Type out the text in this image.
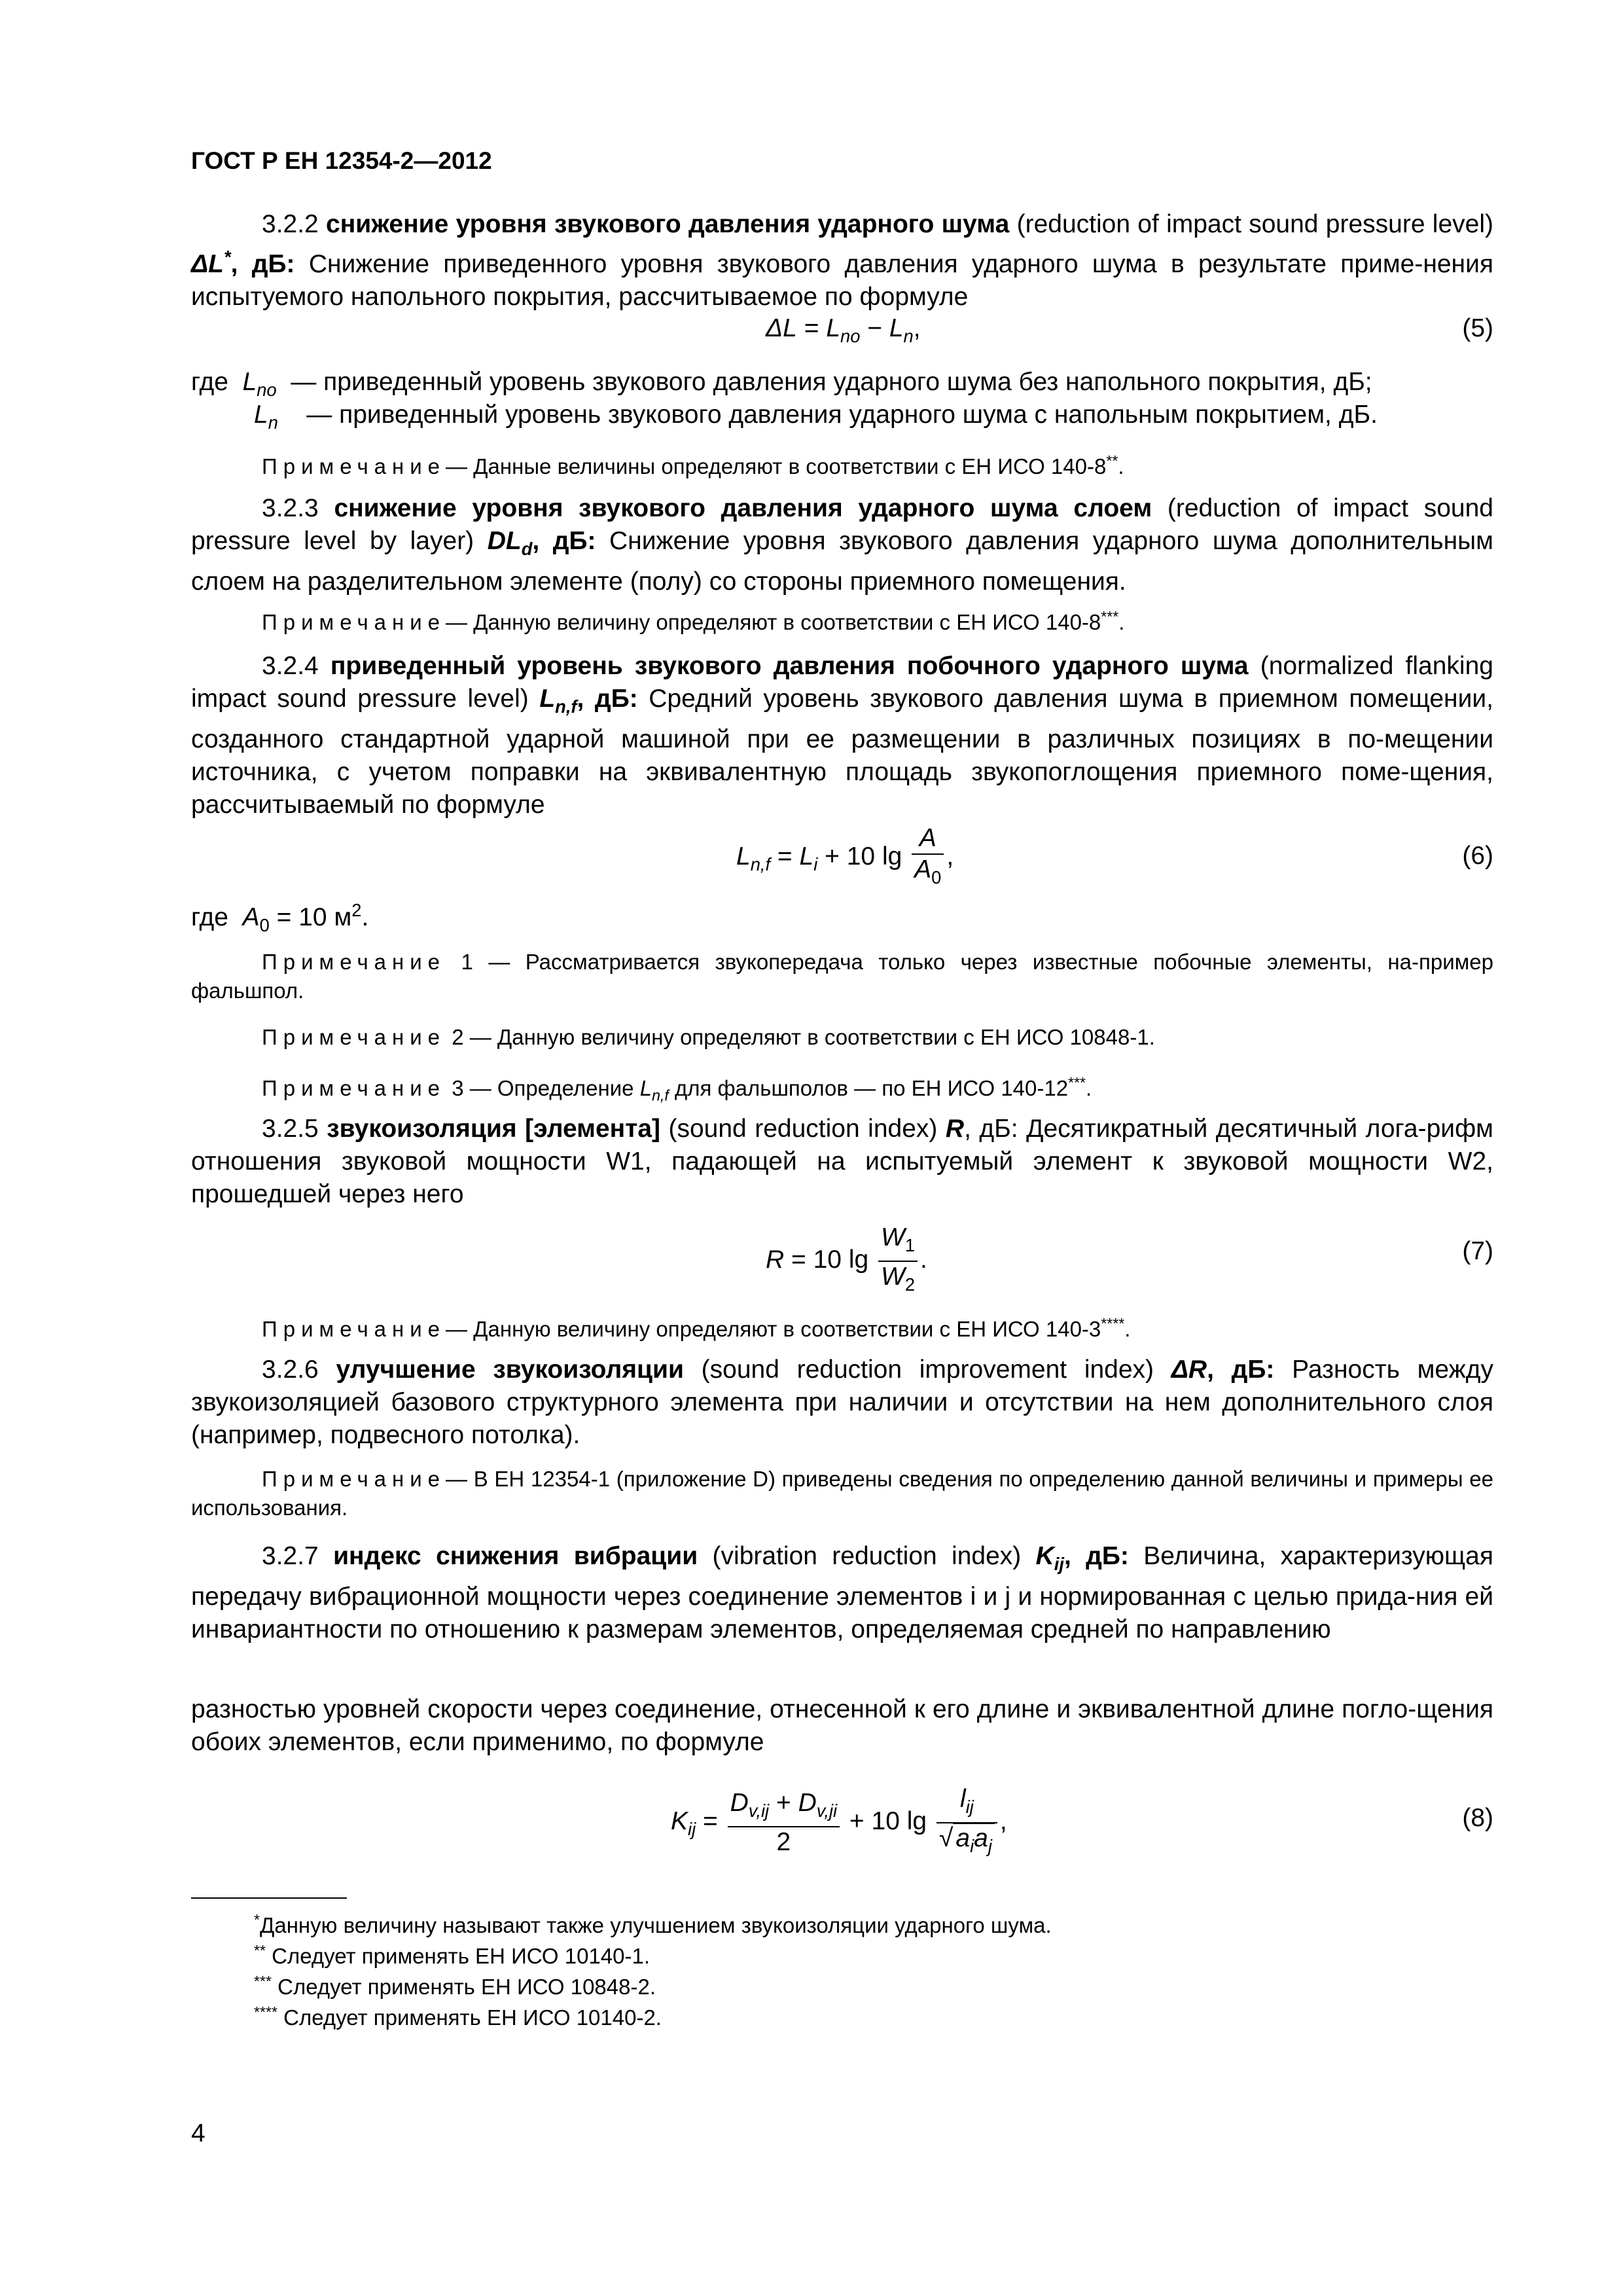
ГОСТ Р ЕН 12354-2—2012
3.2.2 снижение уровня звукового давления ударного шума (reduction of impact sound pressure level) ΔL*, дБ: Снижение приведенного уровня звукового давления ударного шума в результате приме-нения испытуемого напольного покрытия, рассчитываемое по формуле
$\Delta L = L_{no} - L_n$,	(5)
где $L_{no}$ — приведенный уровень звукового давления ударного шума без напольного покрытия, дБ;
$L_n$ — приведенный уровень звукового давления ударного шума с напольным покрытием, дБ.
Примечание— Данные величины определяют в соответствии с ЕН ИСО 140-8**.
3.2.3 снижение уровня звукового давления ударного шума слоем (reduction of impact sound pressure level by layer) $DL_d$, дБ: Снижение уровня звукового давления ударного шума дополнительным слоем на разделительном элементе (полу) со стороны приемного помещения.
Примечание— Данную величину определяют в соответствии с ЕН ИСО 140-8***.
3.2.4 приведенный уровень звукового давления побочного ударного шума (normalized flanking impact sound pressure level) $L_{n,f}$, дБ: Средний уровень звукового давления шума в приемном помещении, созданного стандартной ударной машиной при ее размещении в различных позициях в по-мещении источника, с учетом поправки на эквивалентную площадь звукопоглощения приемного поме-щения, рассчитываемый по формуле
$L_{n,f} = L_i + 10$ $\lg \frac{A}{A_0}$ ,	(6)
где  $A_0 = 10$ $м^2$.
Примечание 1 — Рассматривается звукопередача только через известные побочные элементы, на-пример фальшпол.
Примечание 2 — Данную величину определяют в соответствии с ЕН ИСО 10848-1.
Примечание 3 — Определение $L_{n,f}$ для фальшполов — по ЕН ИСО 140-12***.
3.2.5 звукоизоляция [элемента] (sound reduction index) R, дБ: Десятикратный десятичный лога-рифм отношения звуковой мощности W1, падающей на испытуемый элемент к звуковой мощности W2, прошедшей через него
R = 10 $\lg \frac{W_1}{W_2}$ .	(7)
Примечание— Данную величину определяют в соответствии с ЕН ИСО 140-3****.
3.2.6 улучшение звукоизоляции (sound reduction improvement index) ΔR, дБ: Разность между звукоизоляцией базового структурного элемента при наличии и отсутствии на нем дополнительного слоя (например, подвесного потолка).
Примечание— В ЕН 12354-1 (приложение D) приведены сведения по определению данной величины и примеры ее использования.
3.2.7 индекс снижения вибрации (vibration reduction index) $K_{ij}$, дБ: Величина, характеризующая передачу вибрационной мощности через соединение элементов i и j и нормированная с целью прида-ния ей инвариантности по отношению к размерам элементов, определяемая средней по направлению
разностью уровней скорости через соединение, отнесенной к его длине и эквивалентной длине погло-щения обоих элементов, если применимо, по формуле
$K_{ij} = \frac{D_{v,ij} + D_{v,ji}}{2} + 10$ $\lg \frac{l_{ij}}{√ a_ia_j}$ ,	(8)
*Данную величину называют также улучшением звукоизоляции ударного шума.
** Следует применять ЕН ИСО 10140-1.
*** Следует применять ЕН ИСО 10848-2.
**** Следует применять ЕН ИСО 10140-2.
4
